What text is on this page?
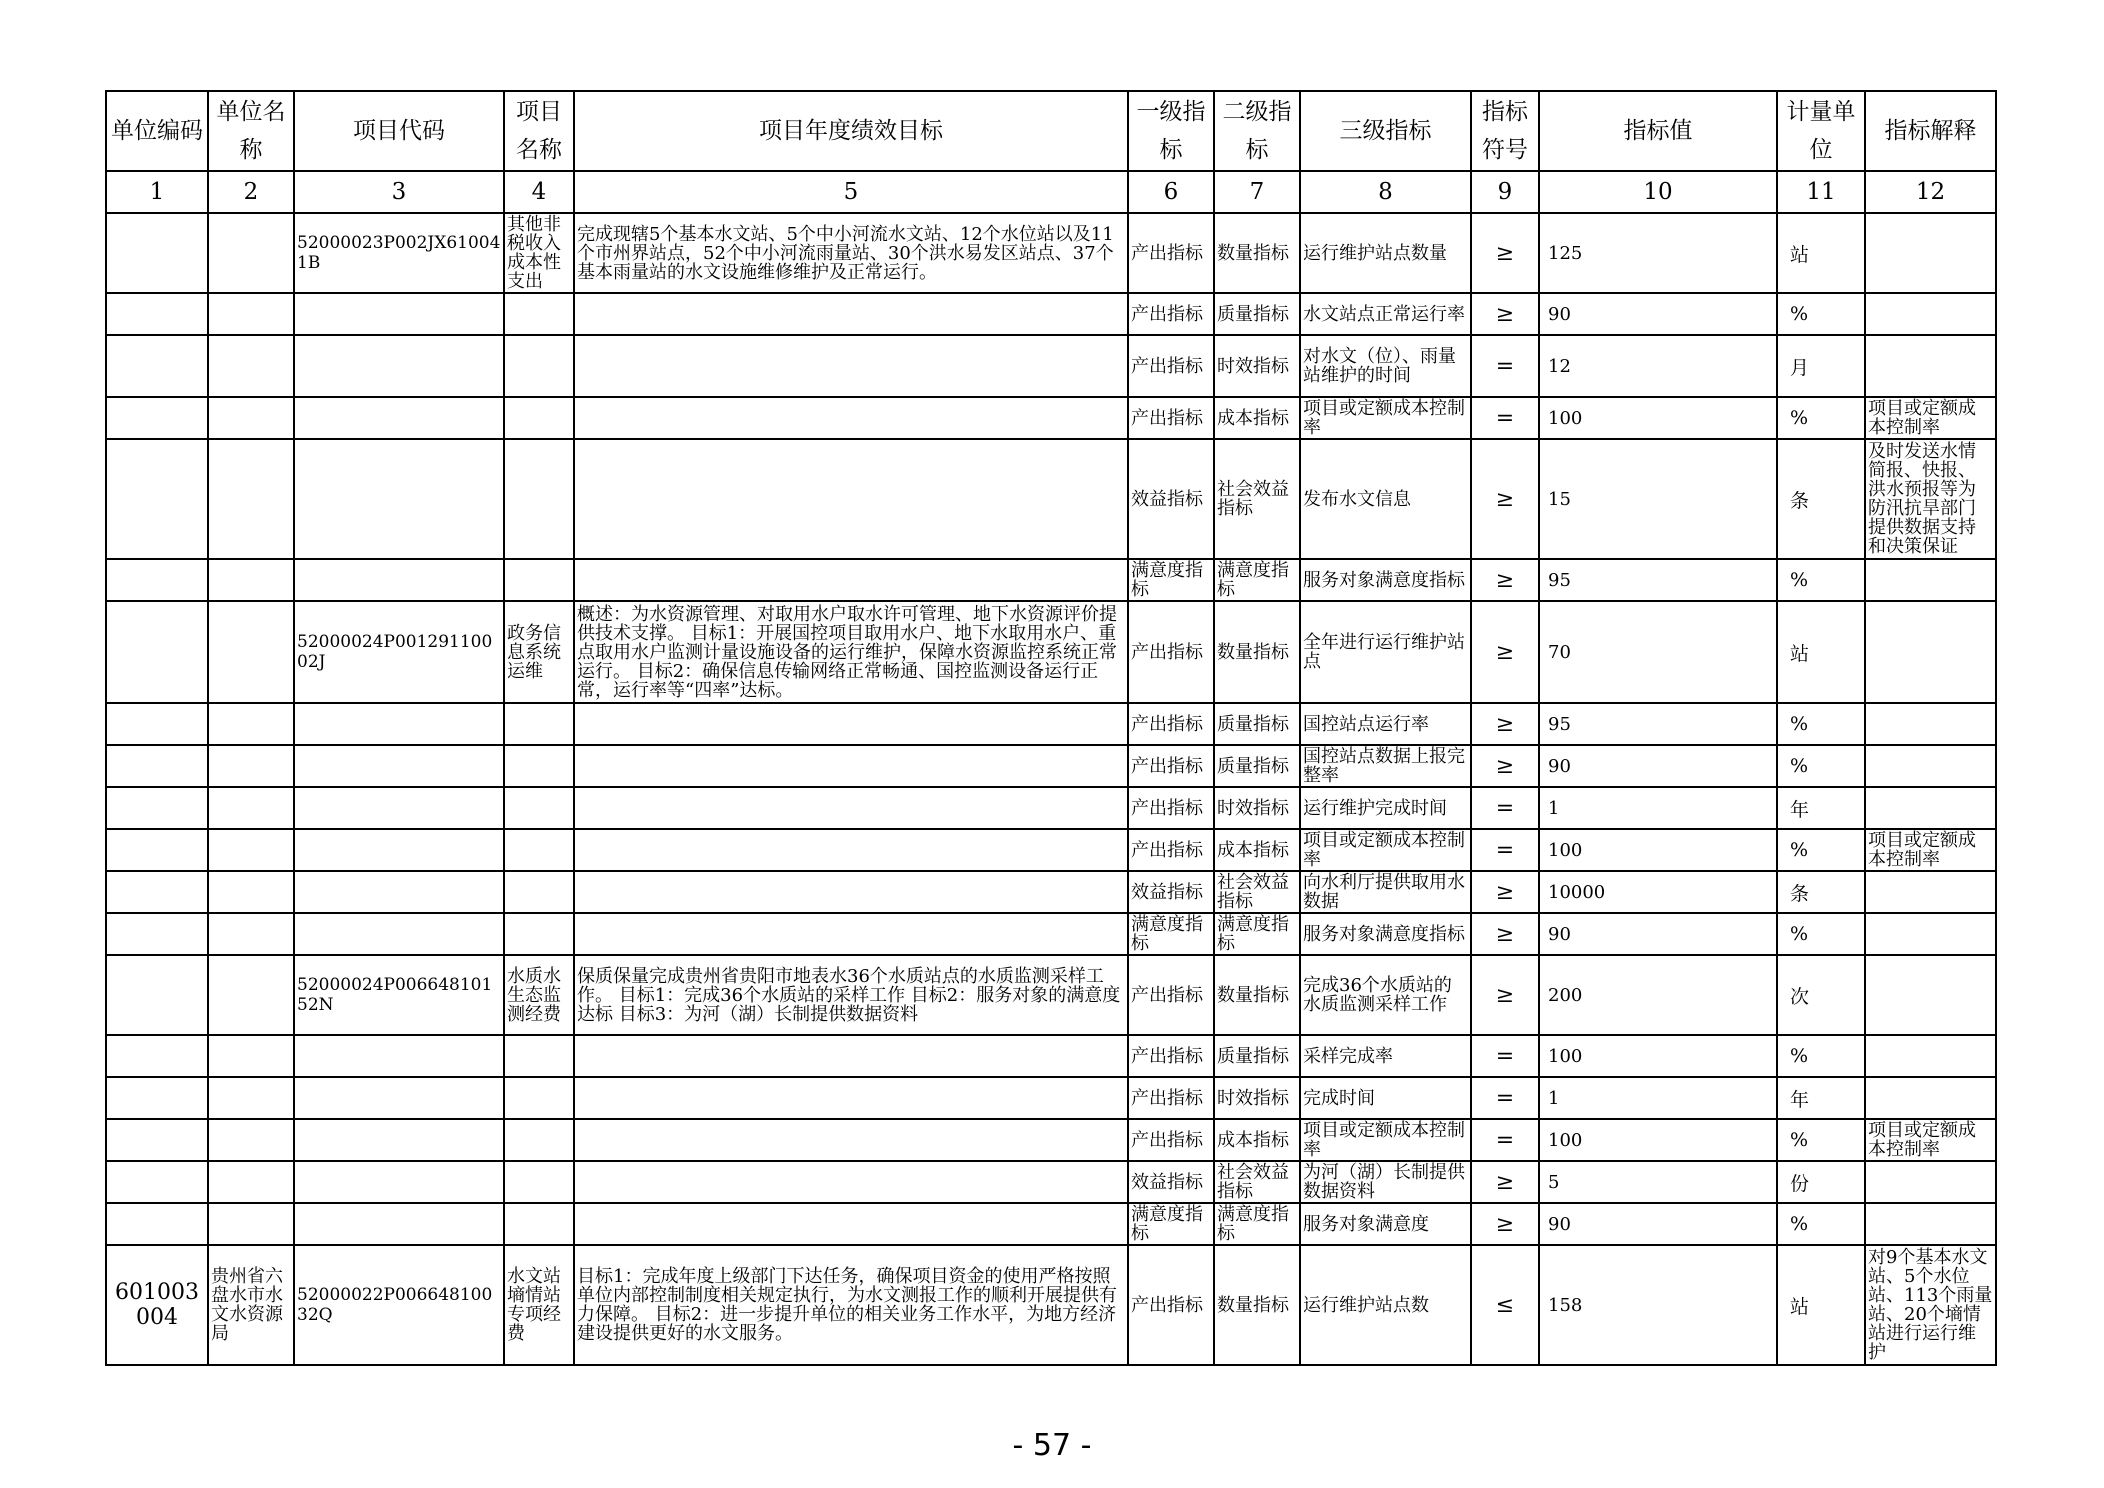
单位编码	单位名称	项目代码	项目名称	项目年度绩效目标	一级指标	二级指标	三级指标	指标符号	指标值	计量单位	指标解释
1	2	3	4	5	6	7	8	9	10	11	12
		52000023P002JX610041B	其他非税收入成本性支出	完成现辖5个基本水文站、5个中小河流水文站、12个水位站以及11个市州界站点，52个中小河流雨量站、30个洪水易发区站点、37个基本雨量站的水文设施维修维护及正常运行。	产出指标	数量指标	运行维护站点数量	≥	125	站	
					产出指标	质量指标	水文站点正常运行率	≥	90	%	
					产出指标	时效指标	对水文（位）、雨量站维护的时间	=	12	月	
					产出指标	成本指标	项目或定额成本控制率	=	100	%	项目或定额成本控制率
					效益指标	社会效益指标	发布水文信息	≥	15	条	及时发送水情简报、快报、洪水预报等为防汛抗旱部门提供数据支持和决策保证
					满意度指标	满意度指标	服务对象满意度指标	≥	95	%	
		52000024P00129110002J	政务信息系统运维	概述：为水资源管理、对取用水户取水许可管理、地下水资源评价提供技术支撑。 目标1：开展国控项目取用水户、地下水取用水户、重点取用水户监测计量设施设备的运行维护，保障水资源监控系统正常运行。 目标2：确保信息传输网络正常畅通、国控监测设备运行正常，运行率等“四率”达标。	产出指标	数量指标	全年进行运行维护站点	≥	70	站	
					产出指标	质量指标	国控站点运行率	≥	95	%	
					产出指标	质量指标	国控站点数据上报完整率	≥	90	%	
					产出指标	时效指标	运行维护完成时间	=	1	年	
					产出指标	成本指标	项目或定额成本控制率	=	100	%	项目或定额成本控制率
					效益指标	社会效益指标	向水利厅提供取用水数据	≥	10000	条	
					满意度指标	满意度指标	服务对象满意度指标	≥	90	%	
		52000024P00664810152N	水质水生态监测经费	保质保量完成贵州省贵阳市地表水36个水质站点的水质监测采样工作。 目标1：完成36个水质站的采样工作 目标2：服务对象的满意度达标 目标3：为河（湖）长制提供数据资料	产出指标	数量指标	完成36个水质站的水质监测采样工作	≥	200	次	
					产出指标	质量指标	采样完成率	=	100	%	
					产出指标	时效指标	完成时间	=	1	年	
					产出指标	成本指标	项目或定额成本控制率	=	100	%	项目或定额成本控制率
					效益指标	社会效益指标	为河（湖）长制提供数据资料	≥	5	份	
					满意度指标	满意度指标	服务对象满意度	≥	90	%	
601003004	贵州省六盘水市水文水资源局	52000022P00664810032Q	水文站墒情站专项经费	目标1：完成年度上级部门下达任务，确保项目资金的使用严格按照单位内部控制制度相关规定执行，为水文测报工作的顺利开展提供有力保障。 目标2：进一步提升单位的相关业务工作水平，为地方经济建设提供更好的水文服务。	产出指标	数量指标	运行维护站点数	≤	158	站	对9个基本水文站、5个水位站、113个雨量站、20个墒情站进行运行维护
- 57 -
